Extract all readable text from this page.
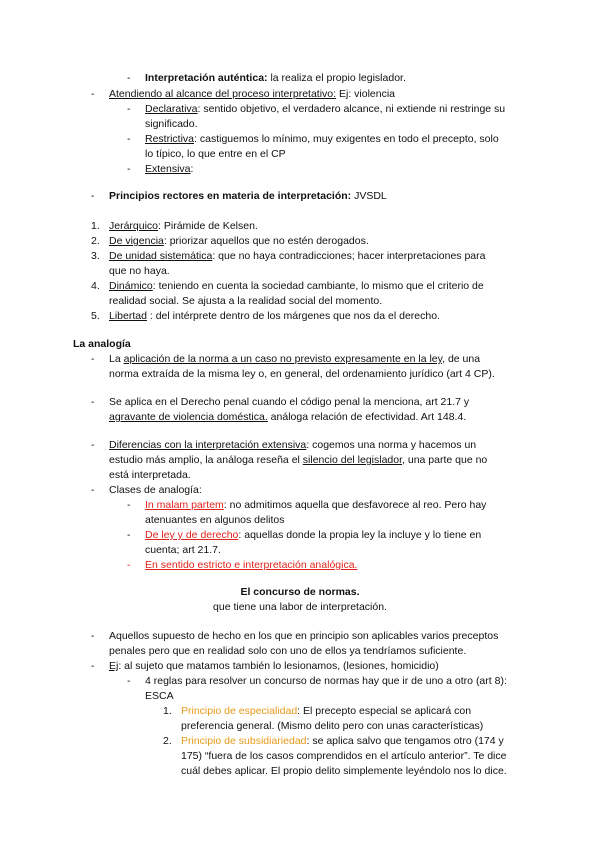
- Interpretación auténtica: la realiza el propio legislador.
- Atendiendo al alcance del proceso interpretativo: Ej: violencia
- Declarativa: sentido objetivo, el verdadero alcance, ni extiende ni restringe su
significado.
- Restrictiva: castiguemos lo mínimo, muy exigentes en todo el precepto, solo
lo típico, lo que entre en el CP
- Extensiva:
- Principios rectores en materia de interpretación: JVSDL
1. Jerárquico: Pirámide de Kelsen.
2. De vigencia: priorizar aquellos que no estén derogados.
3. De unidad sistemática: que no haya contradicciones; hacer interpretaciones para
que no haya.
4. Dinámico: teniendo en cuenta la sociedad cambiante, lo mismo que el criterio de
realidad social. Se ajusta a la realidad social del momento.
5. Libertad : del intérprete dentro de los márgenes que nos da el derecho.
La analogía
- La aplicación de la norma a un caso no previsto expresamente en la ley, de una
norma extraída de la misma ley o, en general, del ordenamiento jurídico (art 4 CP).
- Se aplica en el Derecho penal cuando el código penal la menciona, art 21.7 y
agravante de violencia doméstica. análoga relación de efectividad. Art 148.4.
- Diferencias con la interpretación extensiva: cogemos una norma y hacemos un
estudio más amplio, la análoga reseña el silencio del legislador, una parte que no
está interpretada.
- Clases de analogía:
- In malam partem: no admitimos aquella que desfavorece al reo. Pero hay
atenuantes en algunos delitos
- De ley y de derecho: aquellas donde la propia ley la incluye y lo tiene en
cuenta; art 21.7.
- En sentido estricto e interpretación analógica.
El concurso de normas.
que tiene una labor de interpretación.
- Aquellos supuesto de hecho en los que en principio son aplicables varios preceptos
penales pero que en realidad solo con uno de ellos ya tendríamos suficiente.
- Ej: al sujeto que matamos también lo lesionamos, (lesiones, homicidio)
- 4 reglas para resolver un concurso de normas hay que ir de uno a otro (art 8):
ESCA
1. Principio de especialidad: El precepto especial se aplicará con
preferencia general. (Mismo delito pero con unas características)
2. Principio de subsidiariedad: se aplica salvo que tengamos otro (174 y
175) “fuera de los casos comprendidos en el artículo anterior”. Te dice
cuál debes aplicar. El propio delito simplemente leyéndolo nos lo dice.
